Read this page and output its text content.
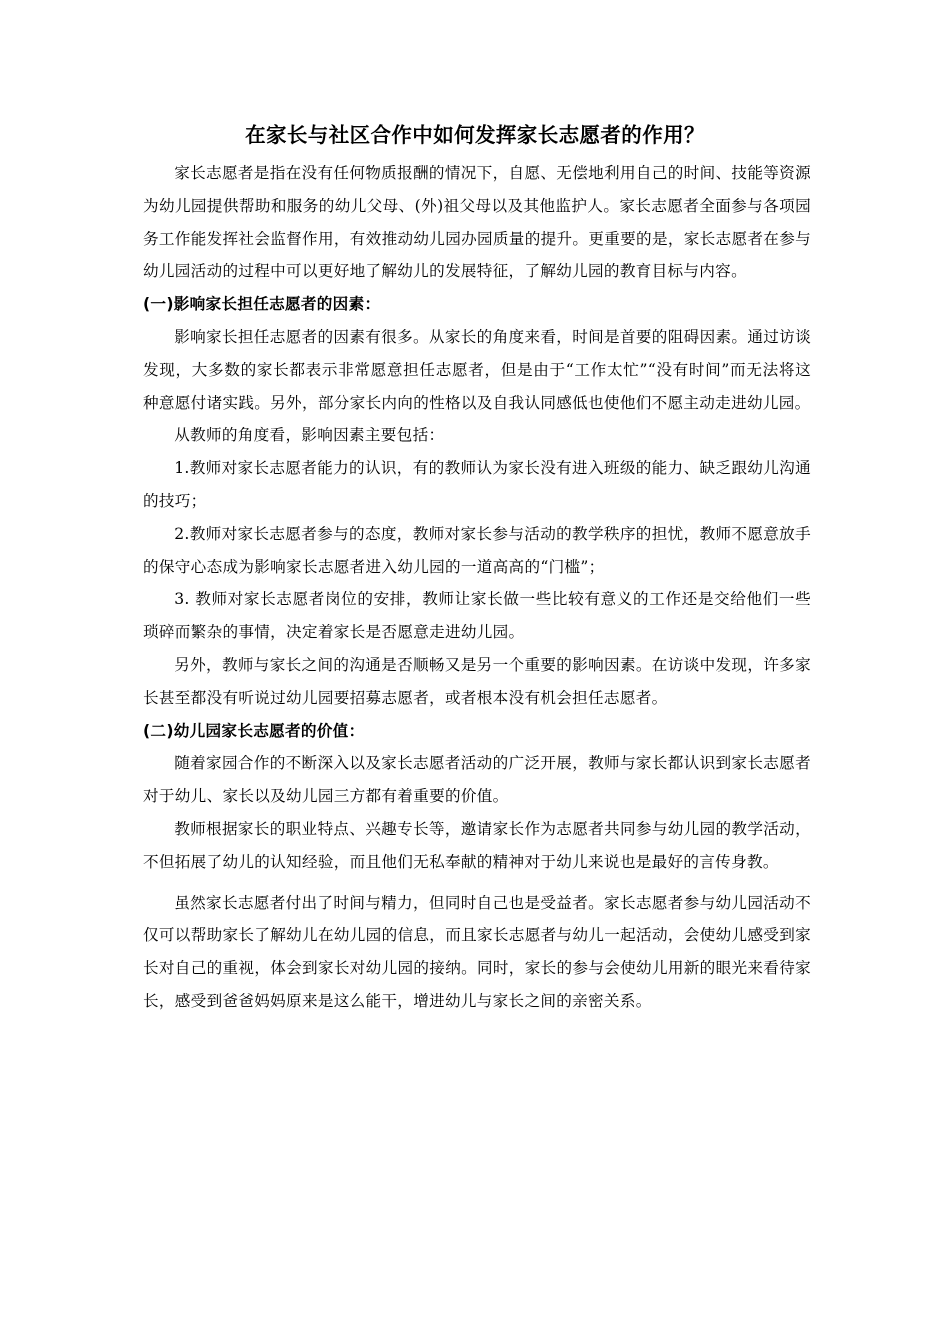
在家长与社区合作中如何发挥家长志愿者的作用？

家长志愿者是指在没有任何物质报酬的情况下，自愿、无偿地利用自己的时间、技能等资源为幼儿园提供帮助和服务的幼儿父母、(外)祖父母以及其他监护人。家长志愿者全面参与各项园务工作能发挥社会监督作用，有效推动幼儿园办园质量的提升。更重要的是，家长志愿者在参与幼儿园活动的过程中可以更好地了解幼儿的发展特征，了解幼儿园的教育目标与内容。

(一)影响家长担任志愿者的因素：

影响家长担任志愿者的因素有很多。从家长的角度来看，时间是首要的阻碍因素。通过访谈发现，大多数的家长都表示非常愿意担任志愿者，但是由于“工作太忙”“没有时间”而无法将这种意愿付诸实践。另外，部分家长内向的性格以及自我认同感低也使他们不愿主动走进幼儿园。

从教师的角度看，影响因素主要包括：

1.教师对家长志愿者能力的认识，有的教师认为家长没有进入班级的能力、缺乏跟幼儿沟通的技巧；

2.教师对家长志愿者参与的态度，教师对家长参与活动的教学秩序的担忧，教师不愿意放手的保守心态成为影响家长志愿者进入幼儿园的一道高高的“门槛”；

3. 教师对家长志愿者岗位的安排，教师让家长做一些比较有意义的工作还是交给他们一些琐碎而繁杂的事情，决定着家长是否愿意走进幼儿园。

另外，教师与家长之间的沟通是否顺畅又是另一个重要的影响因素。在访谈中发现，许多家长甚至都没有听说过幼儿园要招募志愿者，或者根本没有机会担任志愿者。

(二)幼儿园家长志愿者的价值：

随着家园合作的不断深入以及家长志愿者活动的广泛开展，教师与家长都认识到家长志愿者对于幼儿、家长以及幼儿园三方都有着重要的价值。

教师根据家长的职业特点、兴趣专长等，邀请家长作为志愿者共同参与幼儿园的教学活动，不但拓展了幼儿的认知经验，而且他们无私奉献的精神对于幼儿来说也是最好的言传身教。

虽然家长志愿者付出了时间与精力，但同时自己也是受益者。家长志愿者参与幼儿园活动不仅可以帮助家长了解幼儿在幼儿园的信息，而且家长志愿者与幼儿一起活动，会使幼儿感受到家长对自己的重视，体会到家长对幼儿园的接纳。同时，家长的参与会使幼儿用新的眼光来看待家长，感受到爸爸妈妈原来是这么能干，增进幼儿与家长之间的亲密关系。
